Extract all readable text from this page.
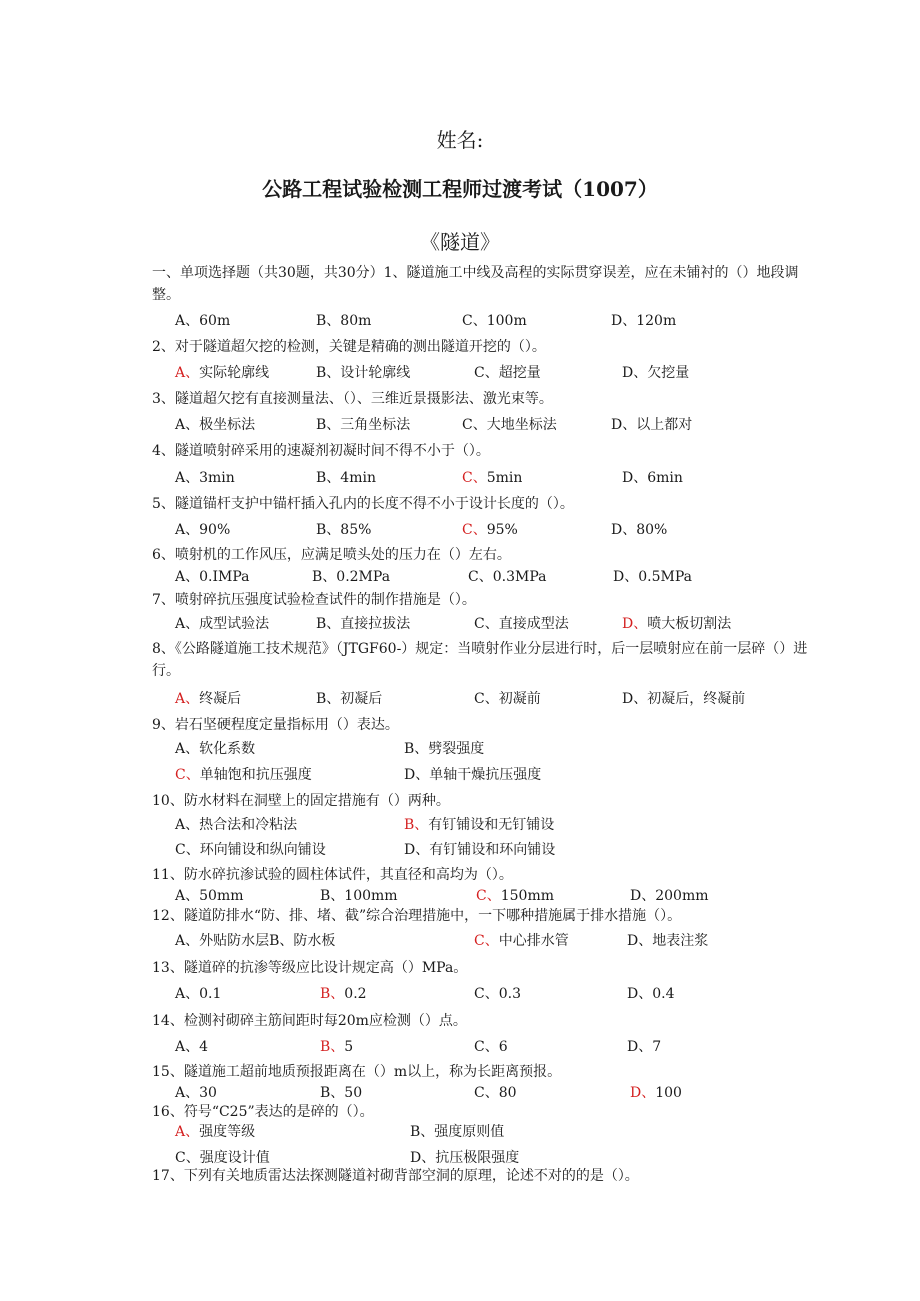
姓名:
公路工程试验检测工程师过渡考试（1007）
《隧道》
一、单项选择题（共30题，共30分）1、隧道施工中线及高程的实际贯穿误差，应在未铺衬的（）地段调整。
A、60m	B、80m	C、100m	D、120m
2、对于隧道超欠挖的检测，关键是精确的测出隧道开挖的（）。
A、实际轮廓线	B、设计轮廓线	C、超挖量	D、欠挖量
3、隧道超欠挖有直接测量法、（）、三维近景摄影法、激光束等。
A、极坐标法	B、三角坐标法	C、大地坐标法	D、以上都对
4、隧道喷射碎采用的速凝剂初凝时间不得不小于（）。
A、3min	B、4min	C、5min	D、6min
5、隧道锚杆支护中锚杆插入孔内的长度不得不小于设计长度的（）。
A、90%	B、85%	C、95%	D、80%
6、喷射机的工作风压，应满足喷头处的压力在（）左右。
A、0.IMPa	B、0.2MPa	C、0.3MPa	D、0.5MPa
7、喷射碎抗压强度试验检查试件的制作措施是（）。
A、成型试验法	B、直接拉拔法	C、直接成型法	D、喷大板切割法
8、《公路隧道施工技术规范》（JTGF60-）规定：当喷射作业分层进行时，后一层喷射应在前一层碎（）进行。
A、终凝后	B、初凝后	C、初凝前	D、初凝后，终凝前
9、岩石坚硬程度定量指标用（）表达。
A、软化系数	B、劈裂强度
C、单轴饱和抗压强度	D、单轴干燥抗压强度
10、防水材料在洞壁上的固定措施有（）两种。
A、热合法和冷粘法	B、有钉铺设和无钉铺设
C、环向铺设和纵向铺设	D、有钉铺设和环向铺设
11、防水碎抗渗试验的圆柱体试件，其直径和高均为（）。
A、50mm	B、100mm	C、150mm	D、200mm
12、隧道防排水“防、排、堵、截”综合治理措施中，一下哪种措施属于排水措施（）。
A、外贴防水层B、防水板	C、中心排水管	D、地表注浆
13、隧道碎的抗渗等级应比设计规定高（）MPa。
A、0.1	B、0.2	C、0.3	D、0.4
14、检测衬砌碎主筋间距时每20m应检测（）点。
A、4	B、5	C、6	D、7
15、隧道施工超前地质预报距离在（）m以上，称为长距离预报。
A、30	B、50	C、80	D、100
16、符号“C25”表达的是碎的（）。
A、强度等级	B、强度原则值
C、强度设计值	D、抗压极限强度
17、下列有关地质雷达法探测隧道衬砌背部空洞的原理，论述不对的的是（）。
